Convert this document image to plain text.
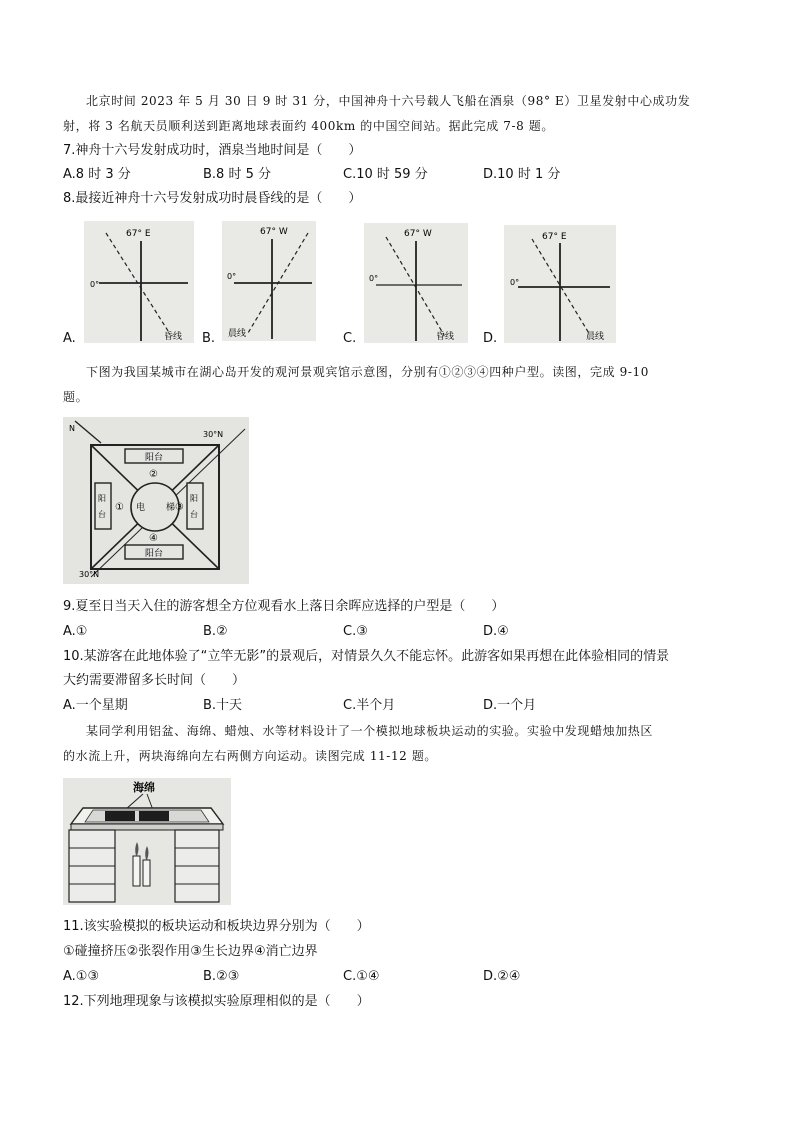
北京时间 2023 年 5 月 30 日 9 时 31 分，中国神舟十六号载人飞船在酒泉（98° E）卫星发射中心成功发
射，将 3 名航天员顺利送到距离地球表面约 400km 的中国空间站。据此完成 7-8 题。
7.神舟十六号发射成功时，酒泉当地时间是（　　）
A.8 时 3 分	B.8 时 5 分	C.10 时 59 分	D.10 时 1 分
8.最接近神舟十六号发射成功时晨昏线的是（　　）
A.
67° E
0°
昏线 B.
67° W
0°
晨线	C.
67° W
0°
昏线 D.
67° E
0°
晨线
下图为我国某城市在湖心岛开发的观河景观宾馆示意图，分别有①②③④四种户型。读图，完成 9-10
题。
N
30°N
30°N
电 梯
阳台
阳台
阳
台
阳
台
①
②
③
④
9.夏至日当天入住的游客想全方位观看水上落日余晖应选择的户型是（　　）
A.①	B.②	C.③	D.④
10.某游客在此地体验了“立竿无影”的景观后，对情景久久不能忘怀。此游客如果再想在此体验相同的情景
大约需要滞留多长时间（　　）
A.一个星期	B.十天	C.半个月	D.一个月
某同学利用铝盆、海绵、蜡烛、水等材料设计了一个模拟地球板块运动的实验。实验中发现蜡烛加热区
的水流上升，两块海绵向左右两侧方向运动。读图完成 11-12 题。
海绵
11.该实验模拟的板块运动和板块边界分别为（　　）
①碰撞挤压②张裂作用③生长边界④消亡边界
A.①③	B.②③	C.①④	D.②④
12.下列地理现象与该模拟实验原理相似的是（　　）
